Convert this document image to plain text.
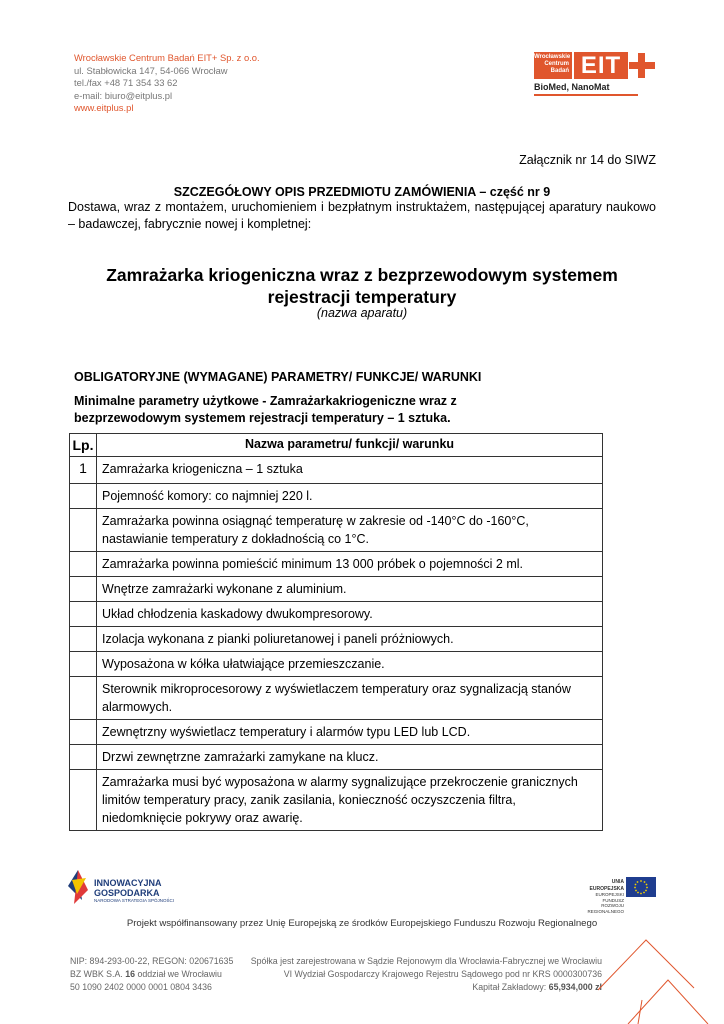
Wrocławskie Centrum Badań EIT+ Sp. z o.o.
ul. Stabłowicka 147, 54-066 Wrocław
tel./fax +48 71 354 33 62
e-mail: biuro@eitplus.pl
www.eitplus.pl
Wrocławskie
Centrum
Badań EIT
BioMed, NanoMat
Załącznik nr 14 do SIWZ
SZCZEGÓŁOWY OPIS PRZEDMIOTU ZAMÓWIENIA – część nr 9
Dostawa, wraz z montażem, uruchomieniem i bezpłatnym instruktażem, następującej aparatury naukowo – badawczej, fabrycznie nowej i kompletnej:
Zamrażarka kriogeniczna wraz z bezprzewodowym systemem
rejestracji temperatury
(nazwa aparatu)
OBLIGATORYJNE (WYMAGANE) PARAMETRY/ FUNKCJE/ WARUNKI
Minimalne parametry użytkowe - Zamrażarkakriogeniczne wraz z
bezprzewodowym systemem rejestracji temperatury – 1 sztuka.
Lp.	Nazwa parametru/ funkcji/ warunku
1	Zamrażarka kriogeniczna – 1 sztuka
	Pojemność komory: co najmniej 220 l.
	Zamrażarka powinna osiągnąć temperaturę w zakresie od -140°C do -160°C, nastawianie temperatury z dokładnością co 1°C.
	Zamrażarka powinna pomieścić minimum 13 000 próbek o pojemności 2 ml.
	Wnętrze zamrażarki wykonane z aluminium.
	Układ chłodzenia kaskadowy dwukompresorowy.
	Izolacja wykonana z pianki poliuretanowej i paneli próżniowych.
	Wyposażona w kółka ułatwiające przemieszczanie.
	Sterownik mikroprocesorowy z wyświetlaczem temperatury oraz sygnalizacją stanów alarmowych.
	Zewnętrzny wyświetlacz temperatury i alarmów typu LED lub LCD.
	Drzwi zewnętrzne zamrażarki zamykane na klucz.
	Zamrażarka musi być wyposażona w alarmy sygnalizujące przekroczenie granicznych limitów temperatury pracy, zanik zasilania, konieczność oczyszczenia filtra, niedomknięcie pokrywy oraz awarię.
INNOWACYJNA
GOSPODARKA
NARODOWA STRATEGIA SPÓJNOŚCI
UNIA EUROPEJSKA
EUROPEJSKI FUNDUSZ
ROZWOJU REGIONALNEGO
Projekt współfinansowany przez Unię Europejską ze środków Europejskiego Funduszu Rozwoju Regionalnego
NIP: 894-293-00-22, REGON: 020671635
BZ WBK S.A. 16 oddział we Wrocławiu
50 1090 2402 0000 0001 0804 3436
Spółka jest zarejestrowana w Sądzie Rejonowym dla Wrocławia-Fabrycznej we Wrocławiu
VI Wydział Gospodarczy Krajowego Rejestru Sądowego pod nr KRS 0000300736
Kapitał Zakładowy: 65,934,000 zł
